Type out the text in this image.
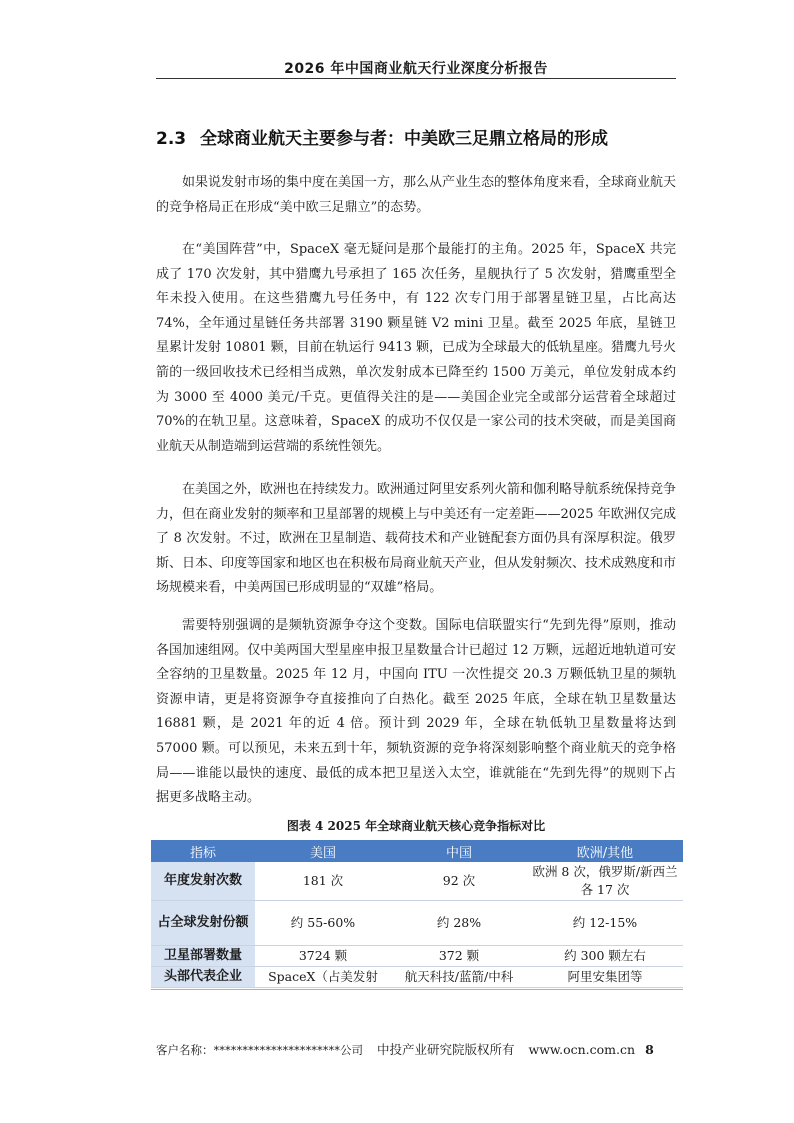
2026 年中国商业航天行业深度分析报告
2.3 全球商业航天主要参与者：中美欧三足鼎立格局的形成
如果说发射市场的集中度在美国一方，那么从产业生态的整体角度来看，全球商业航天的竞争格局正在形成“美中欧三足鼎立”的态势。
在“美国阵营”中，SpaceX 毫无疑问是那个最能打的主角。2025 年，SpaceX 共完成了 170 次发射，其中猎鹰九号承担了 165 次任务，星舰执行了 5 次发射，猎鹰重型全年未投入使用。在这些猎鹰九号任务中，有 122 次专门用于部署星链卫星，占比高达 74%，全年通过星链任务共部署 3190 颗星链 V2 mini 卫星。截至 2025 年底，星链卫星累计发射 10801 颗，目前在轨运行 9413 颗，已成为全球最大的低轨星座。猎鹰九号火箭的一级回收技术已经相当成熟，单次发射成本已降至约 1500 万美元，单位发射成本约为 3000 至 4000 美元/千克。更值得关注的是——美国企业完全或部分运营着全球超过 70%的在轨卫星。这意味着，SpaceX 的成功不仅仅是一家公司的技术突破，而是美国商业航天从制造端到运营端的系统性领先。
在美国之外，欧洲也在持续发力。欧洲通过阿里安系列火箭和伽利略导航系统保持竞争力，但在商业发射的频率和卫星部署的规模上与中美还有一定差距——2025 年欧洲仅完成了 8 次发射。不过，欧洲在卫星制造、载荷技术和产业链配套方面仍具有深厚积淀。俄罗斯、日本、印度等国家和地区也在积极布局商业航天产业，但从发射频次、技术成熟度和市场规模来看，中美两国已形成明显的“双雄”格局。
需要特别强调的是频轨资源争夺这个变数。国际电信联盟实行“先到先得”原则，推动各国加速组网。仅中美两国大型星座申报卫星数量合计已超过 12 万颗，远超近地轨道可安全容纳的卫星数量。2025 年 12 月，中国向 ITU 一次性提交 20.3 万颗低轨卫星的频轨资源申请，更是将资源争夺直接推向了白热化。截至 2025 年底，全球在轨卫星数量达 16881 颗，是 2021 年的近 4 倍。预计到 2029 年，全球在轨低轨卫星数量将达到 57000 颗。可以预见，未来五到十年，频轨资源的竞争将深刻影响整个商业航天的竞争格局——谁能以最快的速度、最低的成本把卫星送入太空，谁就能在“先到先得”的规则下占据更多战略主动。
图表 4 2025 年全球商业航天核心竞争指标对比
指标	美国	中国	欧洲/其他
年度发射次数	181 次	92 次	欧洲 8 次，俄罗斯/新西兰各 17 次
占全球发射份额	约 55-60%	约 28%	约 12-15%
卫星部署数量	3724 颗	372 颗	约 300 颗左右
头部代表企业	SpaceX（占美发射	航天科技/蓝箭/中科	阿里安集团等
客户名称：**********************公司 中投产业研究院版权所有 www.ocn.com.cn 8
